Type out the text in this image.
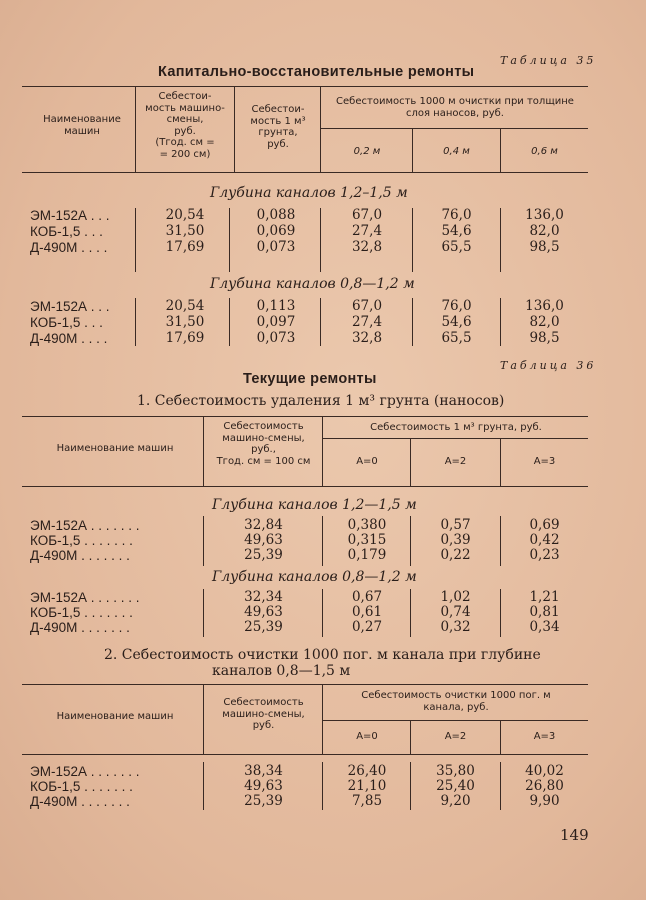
Таблица 35
Капитально-восстановительные ремонты
Наименование машин
Себестои-
мость машино-
смены,
руб.
(Tгод. см =
= 200 см)
Себестои-
мость 1 м³
грунта,
руб.
Себестоимость 1000 м очистки при толщине
слоя наносов, руб.
0,2 м	0,4 м	0,6 м
Глубина каналов 1,2–1,5 м
Глубина каналов 0,8—1,2 м
ЭМ-152А . . .	20,54	0,088	67,0	76,0	136,0
КОБ-1,5 . . .	31,50	0,069	27,4	54,6	82,0
Д-490М . . . .	17,69	0,073	32,8	65,5	98,5
ЭМ-152А . . .	20,54	0,113	67,0	76,0	136,0
КОБ-1,5 . . .	31,50	0,097	27,4	54,6	82,0
Д-490М . . . .	17,69	0,073	32,8	65,5	98,5
Таблица 36
Текущие ремонты
1. Себестоимость удаления 1 м³ грунта (наносов)
Наименование машин
Себестоимость
машино-смены,
руб.,
Tгод. см = 100 см
Себестоимость 1 м³ грунта, руб.
A=0	A=2	A=3
Глубина каналов 1,2—1,5 м
Глубина каналов 0,8—1,2 м
ЭМ-152А . . . . . . .	32,84	0,380	0,57	0,69
КОБ-1,5 . . . . . . .	49,63	0,315	0,39	0,42
Д-490М . . . . . . .	25,39	0,179	0,22	0,23
ЭМ-152А . . . . . . .	32,34	0,67	1,02	1,21
КОБ-1,5 . . . . . . .	49,63	0,61	0,74	0,81
Д-490М . . . . . . .	25,39	0,27	0,32	0,34
2. Себестоимость очистки 1000 пог. м канала при глубине
каналов 0,8—1,5 м
Наименование машин
Себестоимость
машино-смены,
руб.
Себестоимость очистки 1000 пог. м
канала, руб.
A=0	A=2	A=3
ЭМ-152А . . . . . . .	38,34	26,40	35,80	40,02
КОБ-1,5 . . . . . . .	49,63	21,10	25,40	26,80
Д-490М . . . . . . .	25,39	7,85	9,20	9,90
149
